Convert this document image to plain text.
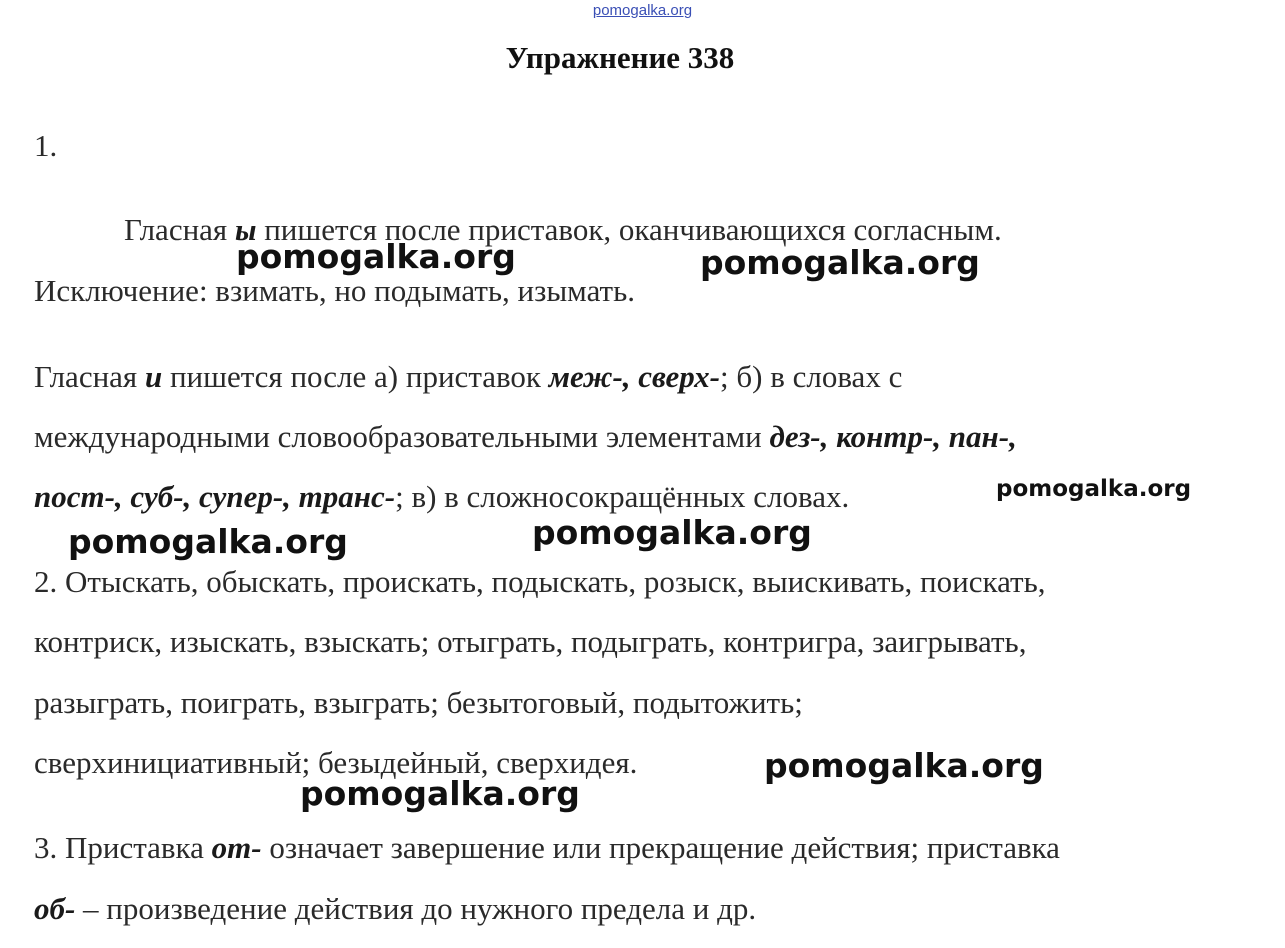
pomogalka.org
Упражнение 338
1.
Гласная ы пишется после приставок, оканчивающихся согласным.
Исключение: взимать, но подымать, изымать.
Гласная и пишется после а) приставок меж-, сверх-; б) в словах с
международными словообразовательными элементами дез-, контр-, пан-,
пост-, суб-, супер-, транс-; в) в сложносокращённых словах.
2. Отыскать, обыскать, проискать, подыскать, розыск, выискивать, поискать,
контриск, изыскать, взыскать; отыграть, подыграть, контригра, заигрывать,
разыграть, поиграть, взыграть; безытоговый, подытожить;
сверхинициативный; безыдейный, сверхидея.
3. Приставка от- означает завершение или прекращение действия; приставка
об- – произведение действия до нужного предела и др.
pomogalka.org	pomogalka.org
pomogalka.org
pomogalka.org
pomogalka.org
pomogalka.org
pomogalka.org
